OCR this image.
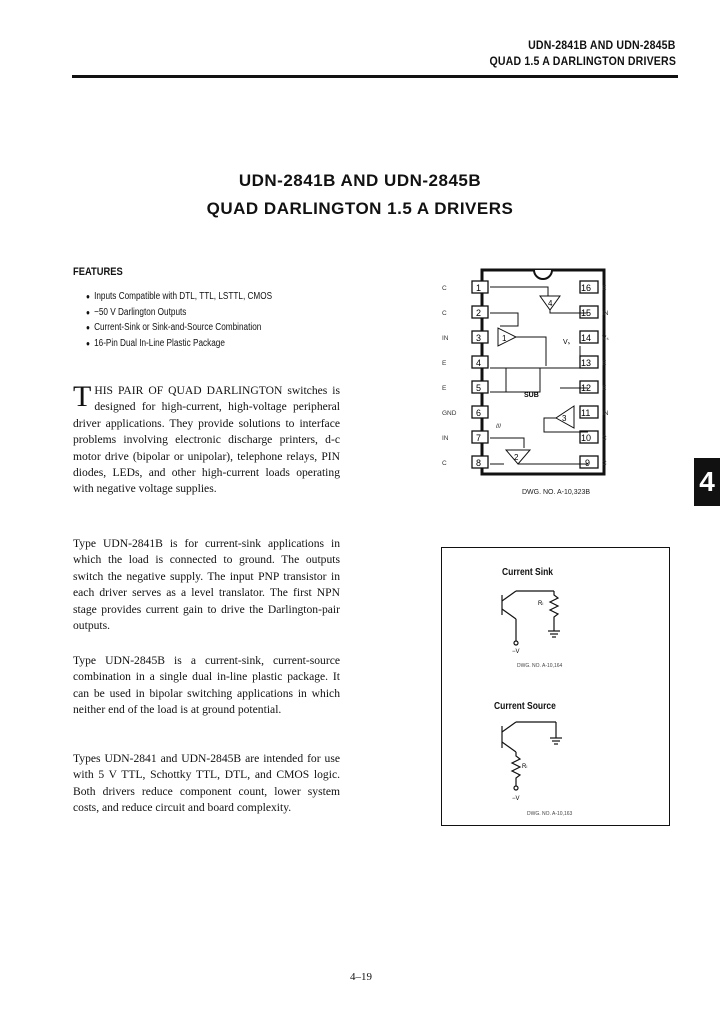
UDN-2841B AND UDN-2845B
QUAD 1.5 A DARLINGTON DRIVERS
UDN-2841B AND UDN-2845B
QUAD DARLINGTON 1.5 A DRIVERS
FEATURES
● Inputs Compatible with DTL, TTL, LSTTL, CMOS
● −50 V Darlington Outputs
● Current-Sink or Sink-and-Source Combination
● 16-Pin Dual In-Line Plastic Package

THIS PAIR OF QUAD DARLINGTON switches is designed for high-current, high-voltage peripheral driver applications. They provide solutions to interface problems involving electronic discharge printers, d-c motor drive (bipolar or unipolar), telephone relays, PIN diodes, LEDs, and other high-current loads operating with negative voltage supplies.

Type UDN-2841B is for current-sink applications in which the load is connected to ground. The outputs switch the negative supply. The input PNP transistor in each driver serves as a level translator. The first NPN stage provides current gain to drive the Darlington-pair outputs.
Type UDN-2845B is a current-sink, current-source combination in a single dual in-line plastic package. It can be used in bipolar switching applications in which neither end of the load is at ground potential.
Types UDN-2841 and UDN-2845B are intended for use with 5 V TTL, Schottky TTL, DTL, and CMOS logic. Both drivers reduce component count, lower system costs, and reduce circuit and board complexity.
1
C	16 E
2
C	15 IN
3
IN	14 Vₛ
4
E	13 E
5
E	12 E
6
GND	11 IN
7
IN	10 C
8
C	9 C
///
SUB
Vₛ
4
1
3
2
DWG. NO. A-10,323B	4
Current Sink
Rₗ
−V
DWG. NO. A-10,164
Current Source
Rₗ
−V
DWG. NO. A-10,163
4–19
